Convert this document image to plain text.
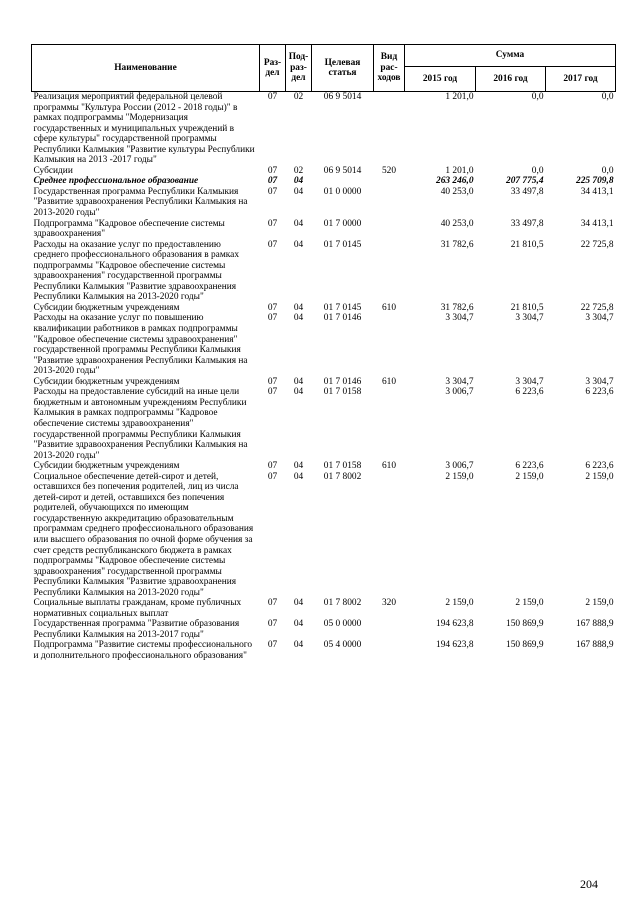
Наименование	Раз- дел	Под- раз- дел	Целевая статья	Вид рас- ходов	Сумма		
					2015 год	2016 год	2017 год
Реализация мероприятий федеральной целевой программы "Культура России (2012 - 2018 годы)" в рамках подпрограммы "Модернизация государственных и муниципальных учреждений в сфере культуры" государственной программы Республики Калмыкия "Развитие культуры Республики Калмыкия на 2013 -2017 годы"	07	02	06 9 5014		1 201,0	0,0	0,0
Субсидии	07	02	06 9 5014	520	1 201,0	0,0	0,0
Среднее профессиональное образование	07	04			263 246,0	207 775,4	225 709,8
Государственная программа Республики Калмыкия "Развитие здравоохранения Республики Калмыкия на 2013-2020 годы"	07	04	01 0 0000		40 253,0	33 497,8	34 413,1
Подпрограмма "Кадровое обеспечение системы здравоохранения"	07	04	01 7 0000		40 253,0	33 497,8	34 413,1
Расходы на оказание услуг по предоставлению среднего профессионального образования в рамках подпрограммы "Кадровое обеспечение системы здравоохранения" государственной программы Республики Калмыкия "Развитие здравоохранения Республики Калмыкия на 2013-2020 годы"	07	04	01 7 0145		31 782,6	21 810,5	22 725,8
Субсидии бюджетным учреждениям	07	04	01 7 0145	610	31 782,6	21 810,5	22 725,8
Расходы на оказание услуг по повышению квалификации работников в рамках подпрограммы "Кадровое обеспечение системы здравоохранения" государственной программы Республики Калмыкия "Развитие здравоохранения Республики Калмыкия на 2013-2020 годы"	07	04	01 7 0146		3 304,7	3 304,7	3 304,7
Субсидии бюджетным учреждениям	07	04	01 7 0146	610	3 304,7	3 304,7	3 304,7
Расходы на предоставление субсидий на иные цели бюджетным и автономным учреждениям Республики Калмыкия в рамках подпрограммы "Кадровое обеспечение системы здравоохранения" государственной программы Республики Калмыкия "Развитие здравоохранения Республики Калмыкия на 2013-2020 годы"	07	04	01 7 0158		3 006,7	6 223,6	6 223,6
Субсидии бюджетным учреждениям	07	04	01 7 0158	610	3 006,7	6 223,6	6 223,6
Социальное обеспечение детей-сирот и детей, оставшихся без попечения родителей, лиц из числа детей-сирот и детей, оставшихся без попечения родителей, обучающихся по имеющим государственную аккредитацию образовательным программам среднего профессионального образования или высшего образования по очной форме обучения за счет средств республиканского бюджета в рамках подпрограммы "Кадровое обеспечение системы здравоохранения" государственной программы Республики Калмыкия "Развитие здравоохранения Республики Калмыкия на 2013-2020 годы"	07	04	01 7 8002		2 159,0	2 159,0	2 159,0
Социальные выплаты гражданам, кроме публичных нормативных социальных выплат	07	04	01 7 8002	320	2 159,0	2 159,0	2 159,0
Государственная программа "Развитие образования Республики Калмыкия на 2013-2017 годы"	07	04	05 0 0000		194 623,8	150 869,9	167 888,9
Подпрограмма "Развитие системы профессионального и дополнительного профессионального образования"	07	04	05 4 0000		194 623,8	150 869,9	167 888,9
204
